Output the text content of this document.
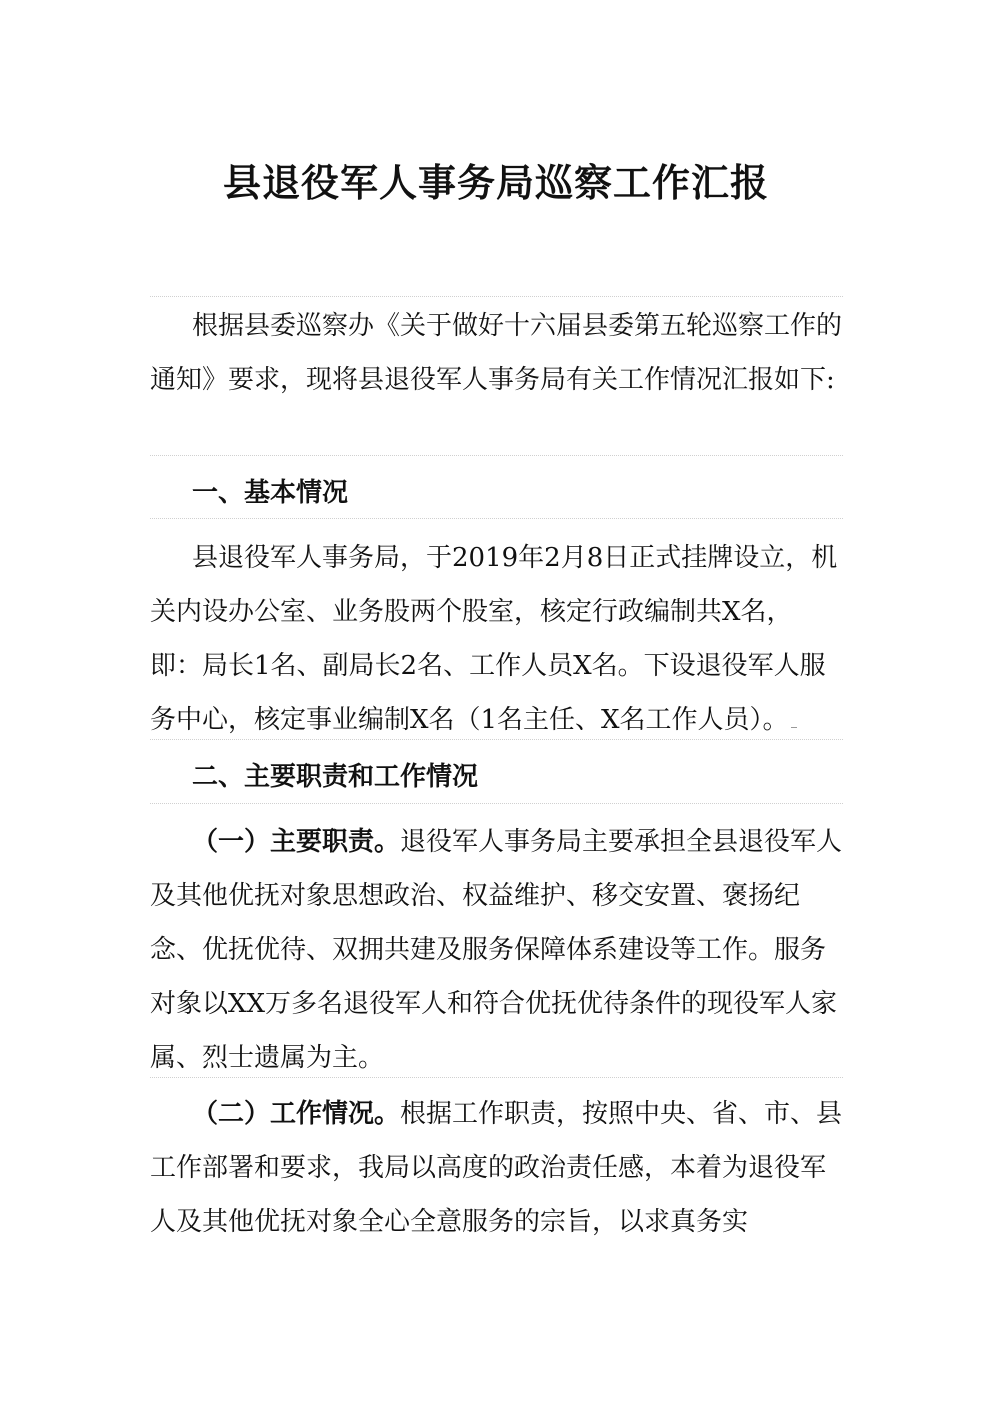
县退役军人事务局巡察工作汇报

根据县委巡察办《关于做好十六届县委第五轮巡察工作的通知》要求，现将县退役军人事务局有关工作情况汇报如下:

一、基本情况

县退役军人事务局，于2019年2月8日正式挂牌设立，机关内设办公室、业务股两个股室，核定行政编制共X名，即：局长1名、副局长2名、工作人员X名。下设退役军人服务中心，核定事业编制X名（1名主任、X名工作人员）。

二、主要职责和工作情况

（一）主要职责。退役军人事务局主要承担全县退役军人及其他优抚对象思想政治、权益维护、移交安置、褒扬纪念、优抚优待、双拥共建及服务保障体系建设等工作。服务对象以XX万多名退役军人和符合优抚优待条件的现役军人家属、烈士遗属为主。

（二）工作情况。根据工作职责，按照中央、省、市、县工作部署和要求，我局以高度的政治责任感，本着为退役军人及其他优抚对象全心全意服务的宗旨，以求真务实
